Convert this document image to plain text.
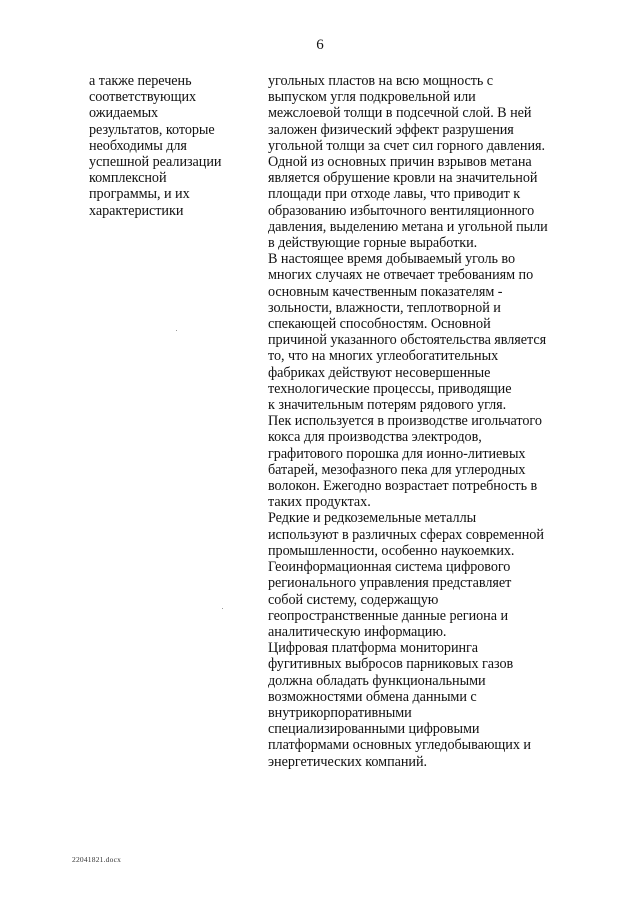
6
а также перечень
соответствующих
ожидаемых
результатов, которые
необходимы для
успешной реализации
комплексной
программы, и их
характеристики
угольных пластов на всю мощность с
выпуском угля подкровельной или
межслоевой толщи в подсечной слой. В ней
заложен физический эффект разрушения
угольной толщи за счет сил горного давления.
Одной из основных причин взрывов метана
является обрушение кровли на значительной
площади при отходе лавы, что приводит к
образованию избыточного вентиляционного
давления, выделению метана и угольной пыли
в действующие горные выработки.
В настоящее время добываемый уголь во
многих случаях не отвечает требованиям по
основным качественным показателям -
зольности, влажности, теплотворной и
спекающей способностям. Основной
причиной указанного обстоятельства является
то, что на многих углеобогатительных
фабриках действуют несовершенные
технологические процессы, приводящие
к значительным потерям рядового угля.
Пек используется в производстве игольчатого
кокса для производства электродов,
графитового порошка для ионно-литиевых
батарей, мезофазного пека для углеродных
волокон. Ежегодно возрастает потребность в
таких продуктах.
Редкие и редкоземельные металлы
используют в различных сферах современной
промышленности, особенно наукоемких.
Геоинформационная система цифрового
регионального управления представляет
собой систему, содержащую
геопространственные данные региона и
аналитическую информацию.
Цифровая платформа мониторинга
фугитивных выбросов парниковых газов
должна обладать функциональными
возможностями обмена данными с
внутрикорпоративными
специализированными цифровыми
платформами основных угледобывающих и
энергетических компаний.
22041821.docx
